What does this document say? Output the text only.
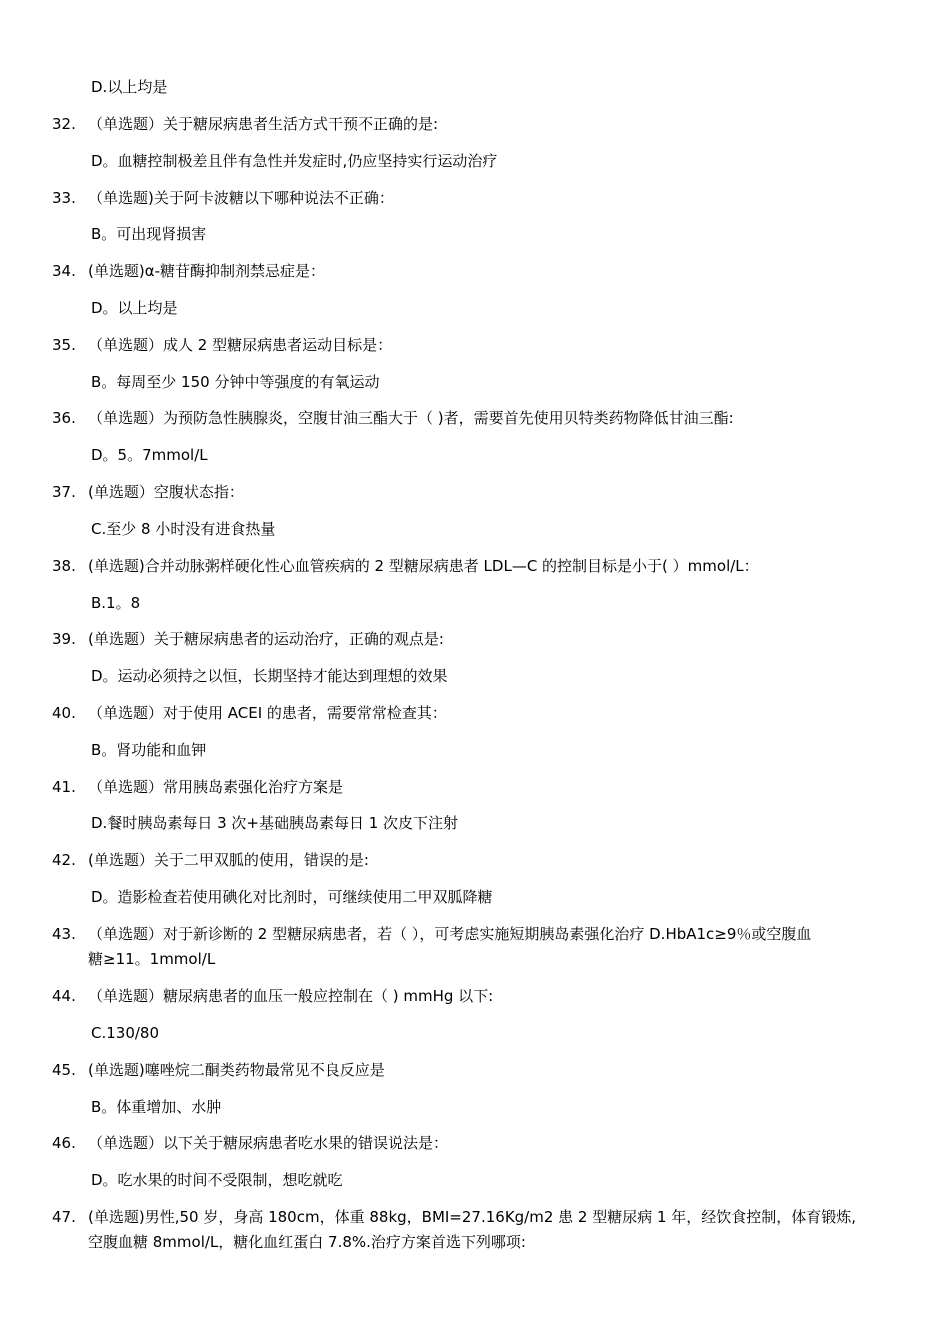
D.以上均是
32. （单选题）关于糖尿病患者生活方式干预不正确的是:
D。血糖控制极差且伴有急性并发症时,仍应坚持实行运动治疗
33. （单选题)关于阿卡波糖以下哪种说法不正确：
B。可出现肾损害
34. (单选题)α-糖苷酶抑制剂禁忌症是：
D。以上均是
35. （单选题）成人 2 型糖尿病患者运动目标是：
B。每周至少 150 分钟中等强度的有氧运动
36. （单选题）为预防急性胰腺炎，空腹甘油三酯大于（ )者，需要首先使用贝特类药物降低甘油三酯:
D。5。7mmol/L
37. (单选题）空腹状态指：
C.至少 8 小时没有进食热量
38. (单选题)合并动脉粥样硬化性心血管疾病的 2 型糖尿病患者 LDL—C 的控制目标是小于( ）mmol/L：
B.1。8
39. (单选题）关于糖尿病患者的运动治疗，正确的观点是:
D。运动必须持之以恒，长期坚持才能达到理想的效果
40. （单选题）对于使用 ACEI 的患者，需要常常检查其：
B。肾功能和血钾
41. （单选题）常用胰岛素强化治疗方案是
D.餐时胰岛素每日 3 次+基础胰岛素每日 1 次皮下注射
42. (单选题）关于二甲双胍的使用，错误的是:
D。造影检查若使用碘化对比剂时，可继续使用二甲双胍降糖
43. （单选题）对于新诊断的 2 型糖尿病患者，若（ ），可考虑实施短期胰岛素强化治疗 D.HbA1c≥9％或空腹血
糖≥11。1mmol/L
44. （单选题）糖尿病患者的血压一般应控制在（ ) mmHg 以下:
C.130/80
45. (单选题)噻唑烷二酮类药物最常见不良反应是
B。体重增加、水肿
46. （单选题）以下关于糖尿病患者吃水果的错误说法是：
D。吃水果的时间不受限制，想吃就吃
47. (单选题)男性,50 岁，身高 180cm，体重 88kg，BMI=27.16Kg/m2 患 2 型糖尿病 1 年，经饮食控制，体育锻炼,
空腹血糖 8mmol/L，糖化血红蛋白 7.8%.治疗方案首选下列哪项:
